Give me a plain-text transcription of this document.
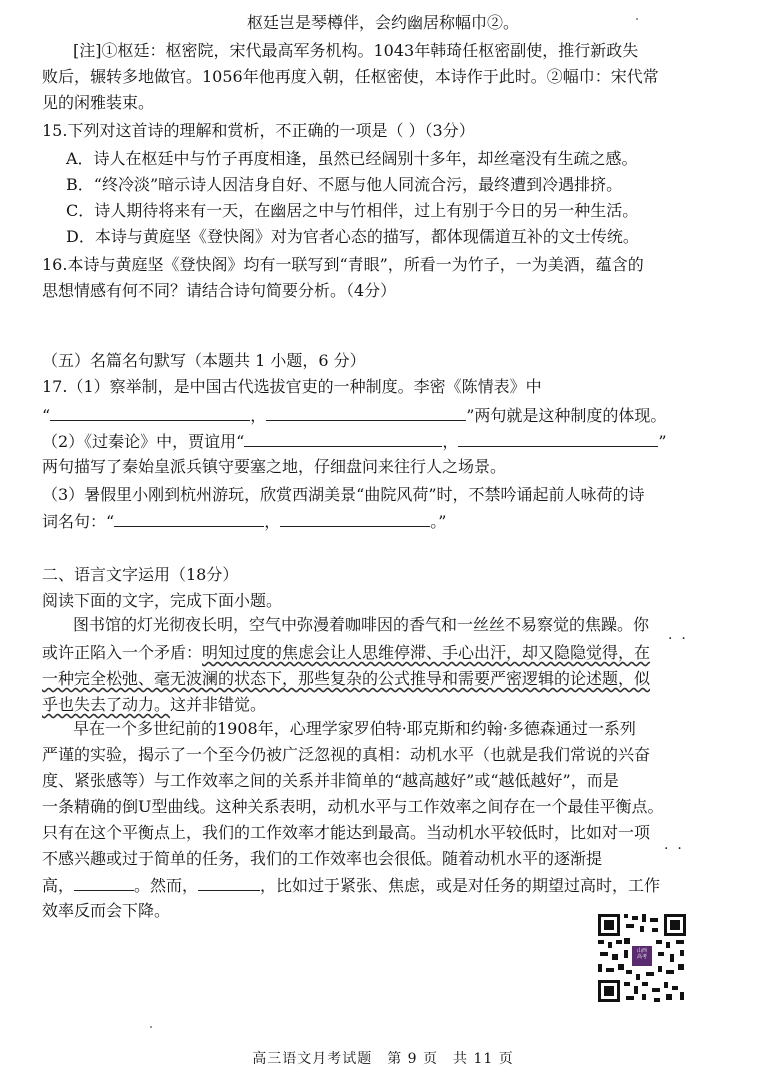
枢廷岂是琴樽伴，会约幽居称幅巾②。
[注]①枢廷：枢密院，宋代最高军务机构。1043年韩琦任枢密副使，推行新政失
败后，辗转多地做官。1056年他再度入朝，任枢密使，本诗作于此时。②幅巾：宋代常
见的闲雅装束。
15.下列对这首诗的理解和赏析，不正确的一项是（ ）（3分）
A．诗人在枢廷中与竹子再度相逢，虽然已经阔别十多年，却丝毫没有生疏之感。
B．“终冷淡”暗示诗人因洁身自好、不愿与他人同流合污，最终遭到冷遇排挤。
C．诗人期待将来有一天，在幽居之中与竹相伴，过上有别于今日的另一种生活。
D．本诗与黄庭坚《登快阁》对为官者心态的描写，都体现儒道互补的文士传统。
16.本诗与黄庭坚《登快阁》均有一联写到“青眼”，所看一为竹子，一为美酒，蕴含的
思想情感有何不同？请结合诗句简要分析。（4分）
（五）名篇名句默写（本题共 1 小题，6 分）
17.（1）察举制，是中国古代选拔官吏的一种制度。李密《陈情表》中
“	，	”两句就是这种制度的体现。
（2）《过秦论》中，贾谊用“	，	”
两句描写了秦始皇派兵镇守要塞之地，仔细盘问来往行人之场景。
（3）暑假里小刚到杭州游玩，欣赏西湖美景“曲院风荷”时，不禁吟诵起前人咏荷的诗
词名句：“	，	。”
二、语言文字运用（18分）
阅读下面的文字，完成下面小题。
图书馆的灯光彻夜长明，空气中弥漫着咖啡因的香气和一丝丝不易察觉的焦躁。你
·  ·
或许正陷入一个矛盾：明知过度的焦虑会让人思维停滞、手心出汗，却又隐隐觉得，在
一种完全松弛、毫无波澜的状态下，那些复杂的公式推导和需要严密逻辑的论述题，似
乎也失去了动力。这并非错觉。
早在一个多世纪前的1908年，心理学家罗伯特·耶克斯和约翰·多德森通过一系列
严谨的实验，揭示了一个至今仍被广泛忽视的真相：动机水平（也就是我们常说的兴奋
度、紧张感等）与工作效率之间的关系并非简单的“越高越好”或“越低越好”，而是
一条精确的倒U型曲线。这种关系表明，动机水平与工作效率之间存在一个最佳平衡点。
只有在这个平衡点上，我们的工作效率才能达到最高。当动机水平较低时，比如对一项
不感兴趣或过于简单的任务，我们的工作效率也会很低。随着动机水平的逐渐提	·  ·
高，	。然而，	，比如过于紧张、焦虑，或是对任务的期望过高时，工作
效率反而会下降。
山西
高考
高三语文月考试题　第 9 页　共 11 页
